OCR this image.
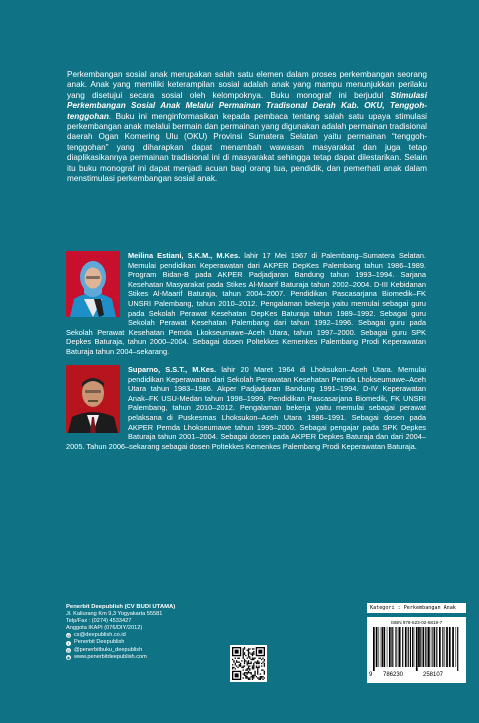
Perkembangan sosial anak merupakan salah satu elemen dalam proses perkembangan seorang anak. Anak yang memiliki keterampilan sosial adalah anak yang mampu menunjukkan perilaku yang disetujui secara sosial oleh kelompoknya. Buku monograf ini berjudul Stimulasi Perkembangan Sosial Anak Melalui Permainan Tradisonal Derah Kab. OKU, Tenggoh-tenggohan. Buku ini menginformasikan kepada pembaca tentang salah satu upaya stimulasi perkembangan anak melalui bermain dan permainan yang digunakan adalah permainan tradisional daerah Ogan Komering Ulu (OKU) Provinsi Sumatera Selatan yaitu permainan “tenggoh-tenggohan” yang diharapkan dapat menambah wawasan masyarakat dan juga tetap diaplikasikannya permainan tradisional ini di masyarakat sehingga tetap dapat dilestarikan. Selain itu buku monograf ini dapat menjadi acuan bagi orang tua, pendidik, dan pemerhati anak dalam menstimulasi perkembangan sosial anak.

Meilina Estiani, S.K.M., M.Kes. lahir 17 Mei 1967 di Palembang–Sumatera Selatan. Memulai pendidikan Keperawatan dari AKPER DepKes Palembang tahun 1986–1989. Program Bidan-B pada AKPER Padjadjaran Bandung tahun 1993–1994. Sarjana Kesehatan Masyarakat pada Stikes Al-Maarif Baturaja tahun 2002–2004. D-III Kebidanan Stikes Al-Maarif Baturaja, tahun 2004–2007. Pendidikan Pascasarjana Biomedik–FK UNSRI Palembang, tahun 2010–2012. Pengalaman bekerja yaitu memulai sebagai guru pada Sekolah Perawat Kesehatan DepKes Baturaja tahun 1989–1992. Sebagai guru Sekolah Perawat Kesehatan Palembang dari tahun 1992–1996. Sebagai guru pada Sekolah Perawat Kesehatan Pemda Lkokseumawe–Aceh Utara, tahun 1997–2000. Sebagai guru SPK Depkes Baturaja, tahun 2000–2004. Sebagai dosen Poltekkes Kemenkes Palembang Prodi Keperawatan Baturaja tahun 2004–sekarang.
Suparno, S.S.T., M.Kes. lahir 20 Maret 1964 di Lhoksukon–Aceh Utara. Memulai pendidikan Keperawatan dari Sekolah Perawatan Kesehatan Pemda Lhokseumawe–Aceh Utara tahun 1983–1986. Akper Padjadjaran Bandung 1991–1994. D-IV Keperawatan Anak–FK USU-Medan tahun 1998–1999. Pendidikan Pascasarjana Biomedik, FK UNSRI Palembang, tahun 2010–2012. Pengalaman bekerja yaitu memulai sebagai perawat pelaksana di Puskesmas Lhoksukon–Aceh Utara 1986–1991. Sebagai dosen pada AKPER Pemda Lhokseumawe tahun 1995–2000. Sebagai pengajar pada SPK Depkes Baturaja tahun 2001–2004. Sebagai dosen pada AKPER Depkes Baturaja dan dari 2004–2005. Tahun 2006–sekarang sebagai dosen Poltekkes Kemenkes Palembang Prodi Keperawatan Baturaja.
Penerbit Deepublish (CV BUDI UTAMA)
Jl. Kaliurang Km 9,3 Yogyakarta 55581
Telp/Fax : (0274) 4533427
Anggota IKAPI (076/DIY/2012)
@ cs@deepublish.co.id
f Penerbit Deepublish
◎ @penerbitbuku_deepublish
◉ www.penerbitdeepublish.com
Kategori : Perkembangan Anak
ISBN 978-623-02-5819-7
9 786230	258107
